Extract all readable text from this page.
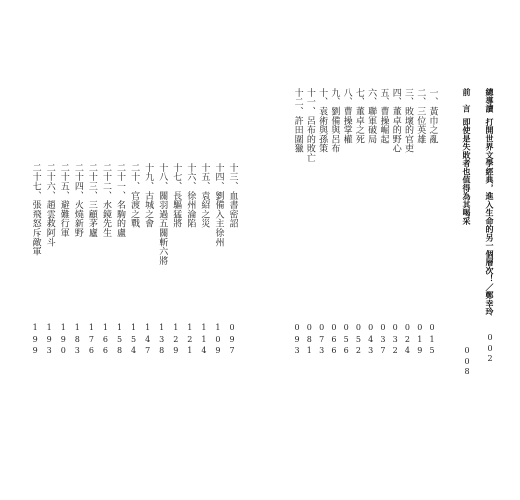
總導讀打開世界文學經典，進入生命的另一個層次！／鄭幸玲
002
前　言即使是失敗者也值得為其喝采
008
一、黃巾之亂
015
二、三位英雄
019
三、敗壞的官吏
024
四、董卓的野心
032
五、曹操崛起
037
六、聯軍破局
043
七、董卓之死
052
八、曹操掌權
056
九、劉備與呂布
066
十、袁術與孫策
073
十一、呂布的敗亡
081
十二、許田圍獵
093
十三、血書密詔
097
十四、劉備入主徐州
109
十五、袁紹之災
114
十六、徐州淪陷
121
十七、長驅猛將
129
十八、關羽過五關斬六將
138
十九、古城之會
147
二十、官渡之戰
154
二十一、名駒的盧
158
二十二、水鏡先生
166
二十三、三顧茅廬
176
二十四、火燒新野
183
二十五、避難行軍
190
二十六、趙雲救阿斗
193
二十七、張飛怒斥敵軍
199
